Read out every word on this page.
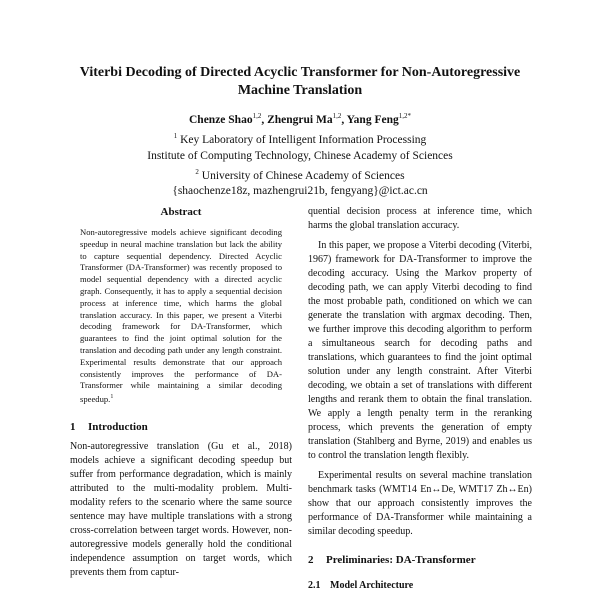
Viterbi Decoding of Directed Acyclic Transformer for Non-Autoregressive
Machine Translation
Chenze Shao$^{1,2}$, Zhengrui Ma$^{1,2}$, Yang Feng$^{1,2*}$
$^1$ Key Laboratory of Intelligent Information Processing
Institute of Computing Technology, Chinese Academy of Sciences
$^2$ University of Chinese Academy of Sciences
{shaochenze18z, mazhengrui21b, fengyang}@ict.ac.cn
Abstract

Non-autoregressive models achieve significant decoding speedup in neural machine translation but lack the ability to capture sequential dependency. Directed Acyclic Transformer (DA-Transformer) was recently proposed to model sequential dependency with a directed acyclic graph. Consequently, it has to apply a sequential decision process at inference time, which harms the global translation accuracy. In this paper, we present a Viterbi decoding framework for DA-Transformer, which guarantees to find the joint optimal solution for the translation and decoding path under any length constraint. Experimental results demonstrate that our approach consistently improves the performance of DA-Transformer while maintaining a similar decoding speedup.$^1$

1 Introduction

Non-autoregressive translation (Gu et al., 2018) models achieve a significant decoding speedup but suffer from performance degradation, which is mainly attributed to the multi-modality problem. Multi-modality refers to the scenario where the same source sentence may have multiple translations with a strong cross-correlation between target words. However, non-autoregressive models generally hold the conditional independence assumption on target words, which prevents them from captur-

quential decision process at inference time, which harms the global translation accuracy.

In this paper, we propose a Viterbi decoding (Viterbi, 1967) framework for DA-Transformer to improve the decoding accuracy. Using the Markov property of decoding path, we can apply Viterbi decoding to find the most probable path, conditioned on which we can generate the translation with argmax decoding. Then, we further improve this decoding algorithm to perform a simultaneous search for decoding paths and translations, which guarantees to find the joint optimal solution under any length constraint. After Viterbi decoding, we obtain a set of translations with different lengths and rerank them to obtain the final translation. We apply a length penalty term in the reranking process, which prevents the generation of empty translation (Stahlberg and Byrne, 2019) and enables us to control the translation length flexibly.

Experimental results on several machine translation benchmark tasks (WMT14 En↔De, WMT17 Zh↔En) show that our approach consistently improves the performance of DA-Transformer while maintaining a similar decoding speedup.

2 Preliminaries: DA-Transformer
2.1 Model Architecture
